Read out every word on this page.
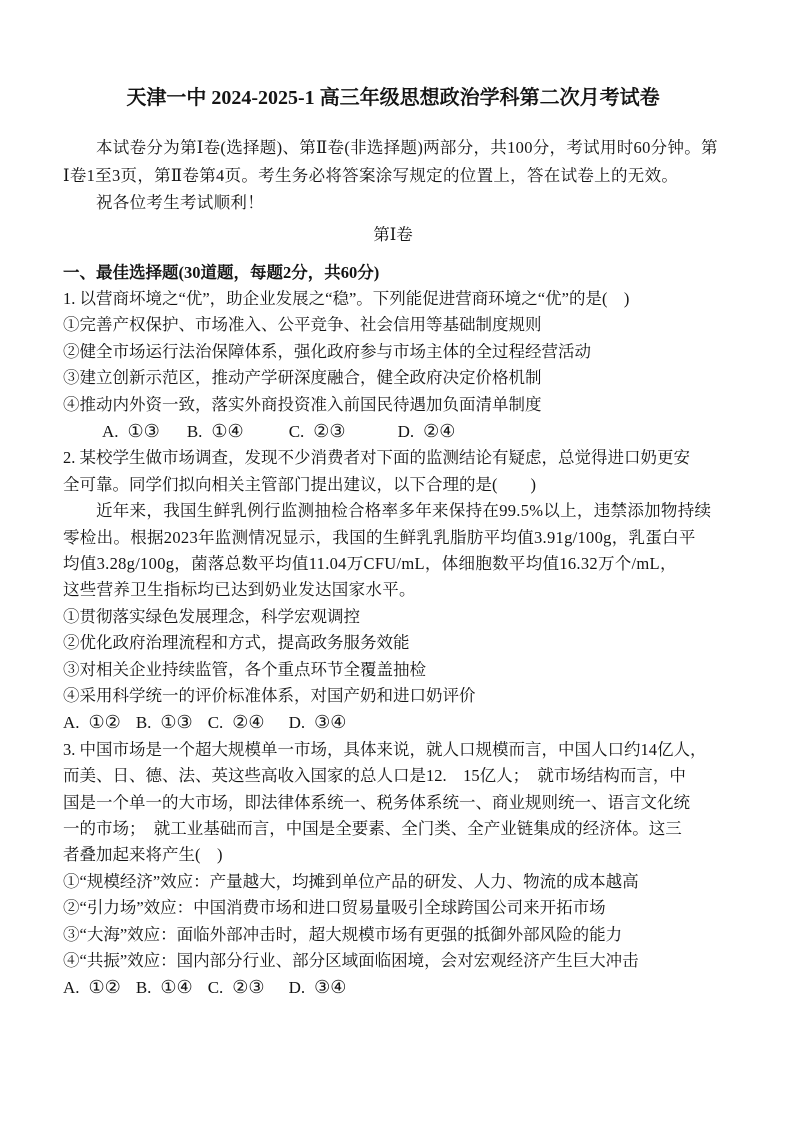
天津一中 2024-2025-1 高三年级思想政治学科第二次月考试卷
本试卷分为第Ⅰ卷(选择题)、第Ⅱ卷(非选择题)两部分，共100分，考试用时60分钟。第
Ⅰ卷1至3页，第Ⅱ卷第4页。考生务必将答案涂写规定的位置上，答在试卷上的无效。
祝各位考生考试顺利！
第Ⅰ卷
一、最佳选择题(30道题，每题2分，共60分)
1. 以营商坏境之“优”，助企业发展之“稳”。下列能促进营商环境之“优”的是(　)
①完善产权保护、市场准入、公平竞争、社会信用等基础制度规则
②健全市场运行法治保障体系，强化政府参与市场主体的全过程经营活动
③建立创新示范区，推动产学研深度融合，健全政府决定价格机制
④推动内外资一致，落实外商投资准入前国民待遇加负面清单制度
A. ①③ B. ①④	C. ②③	D. ②④
2. 某校学生做市场调查，发现不少消费者对下面的监测结论有疑虑，总觉得进口奶更安
全可靠。同学们拟向相关主管部门提出建议，以下合理的是(　　)
近年来，我国生鲜乳例行监测抽检合格率多年来保持在99.5%以上，违禁添加物持续
零检出。根据2023年监测情况显示，我国的生鲜乳乳脂肪平均值3.91g/100g，乳蛋白平
均值3.28g/100g，菌落总数平均值11.04万CFU/mL，体细胞数平均值16.32万个/mL，
这些营养卫生指标均已达到奶业发达国家水平。
①贯彻落实绿色发展理念，科学宏观调控
②优化政府治理流程和方式，提高政务服务效能
③对相关企业持续监管，各个重点环节全覆盖抽检
④采用科学统一的评价标准体系，对国产奶和进口奶评价
A. ①② B. ①③ C. ②④ D. ③④
3. 中国市场是一个超大规模单一市场，具体来说，就人口规模而言，中国人口约14亿人，
而美、日、德、法、英这些高收入国家的总人口是12.　15亿人；　就市场结构而言，中
国是一个单一的大市场，即法律体系统一、税务体系统一、商业规则统一、语言文化统
一的市场；　就工业基础而言，中国是全要素、全门类、全产业链集成的经济体。这三
者叠加起来将产生(　)
①“规模经济”效应：产量越大，均摊到单位产品的研发、人力、物流的成本越高
②“引力场”效应：中国消费市场和进口贸易量吸引全球跨国公司来开拓市场
③“大海”效应：面临外部冲击时，超大规模市场有更强的抵御外部风险的能力
④“共振”效应：国内部分行业、部分区域面临困境，会对宏观经济产生巨大冲击
A. ①② B. ①④ C. ②③ D. ③④
